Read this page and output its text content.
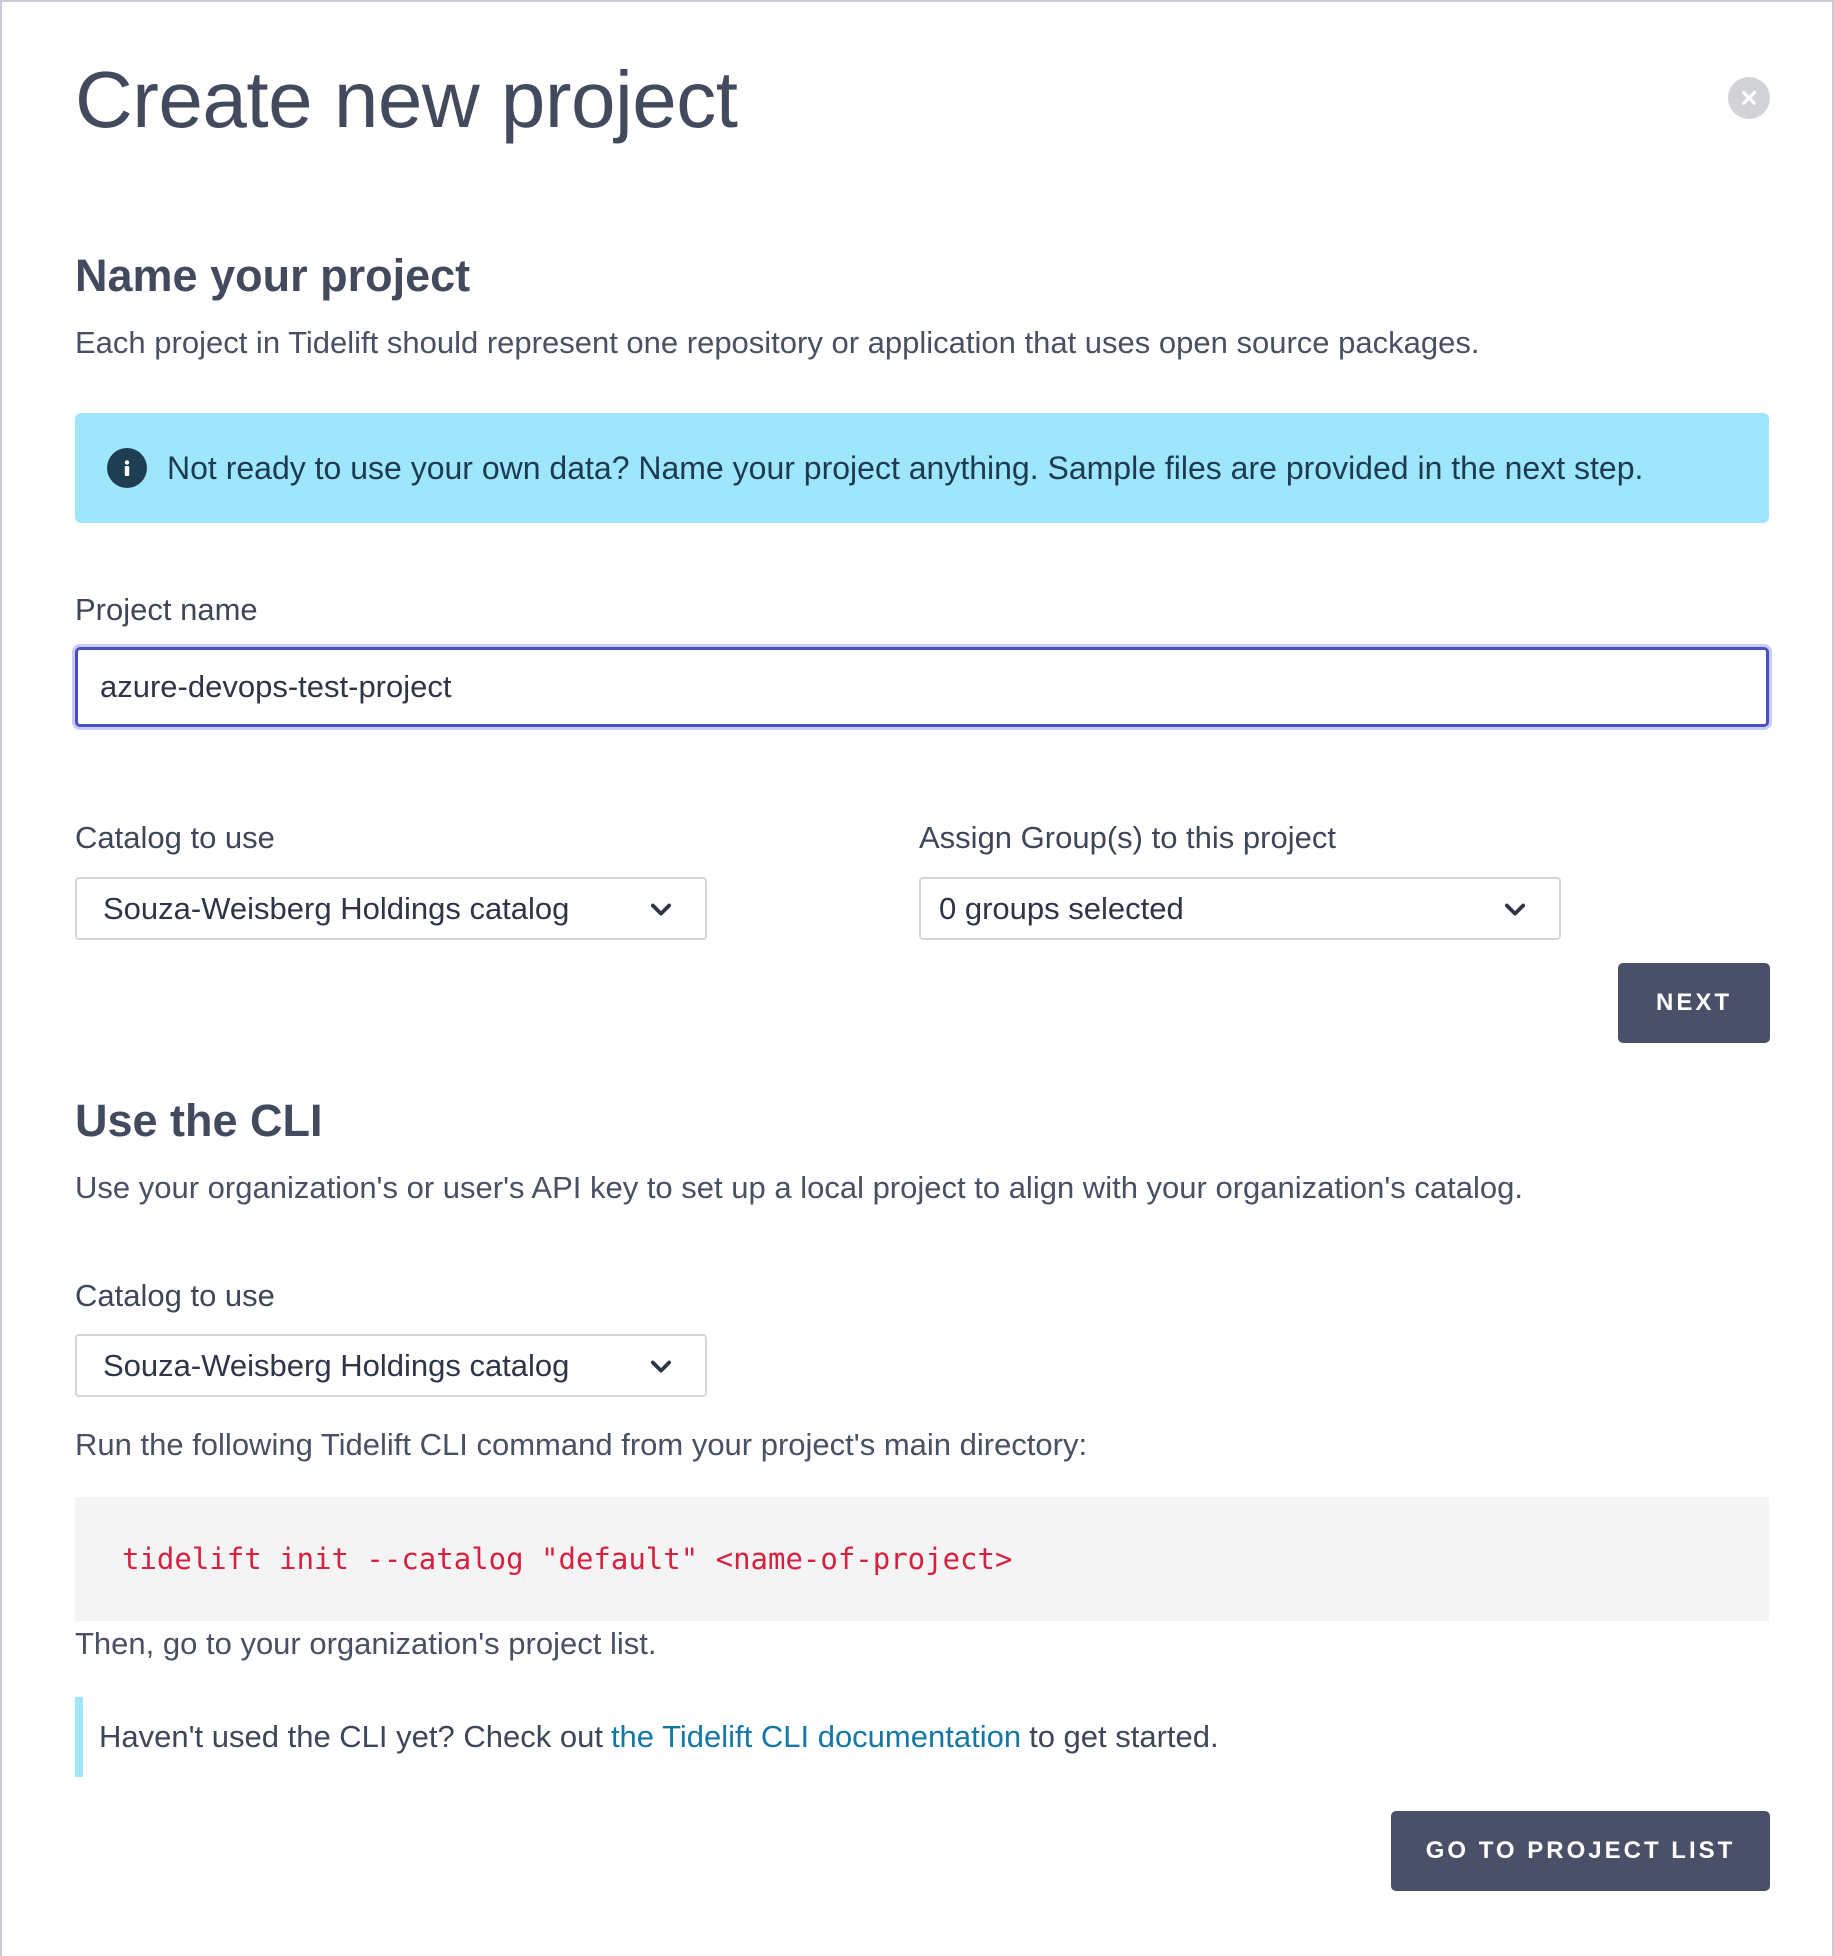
Create new project
Name your project

Each project in Tidelift should represent one repository or application that uses open source packages.

Not ready to use your own data? Name your project anything. Sample files are provided in the next step.
Project name
azure-devops-test-project
Catalog to use
Souza-Weisberg Holdings catalog
Assign Group(s) to this project
0 groups selected
NEXT
Use the CLI

Use your organization's or user's API key to set up a local project to align with your organization's catalog.

Catalog to use
Souza-Weisberg Holdings catalog

Run the following Tidelift CLI command from your project's main directory:

tidelift init --catalog "default" <name-of-project>

Then, go to your organization's project list.

Haven't used the CLI yet? Check out the Tidelift CLI documentation to get started.
GO TO PROJECT LIST
